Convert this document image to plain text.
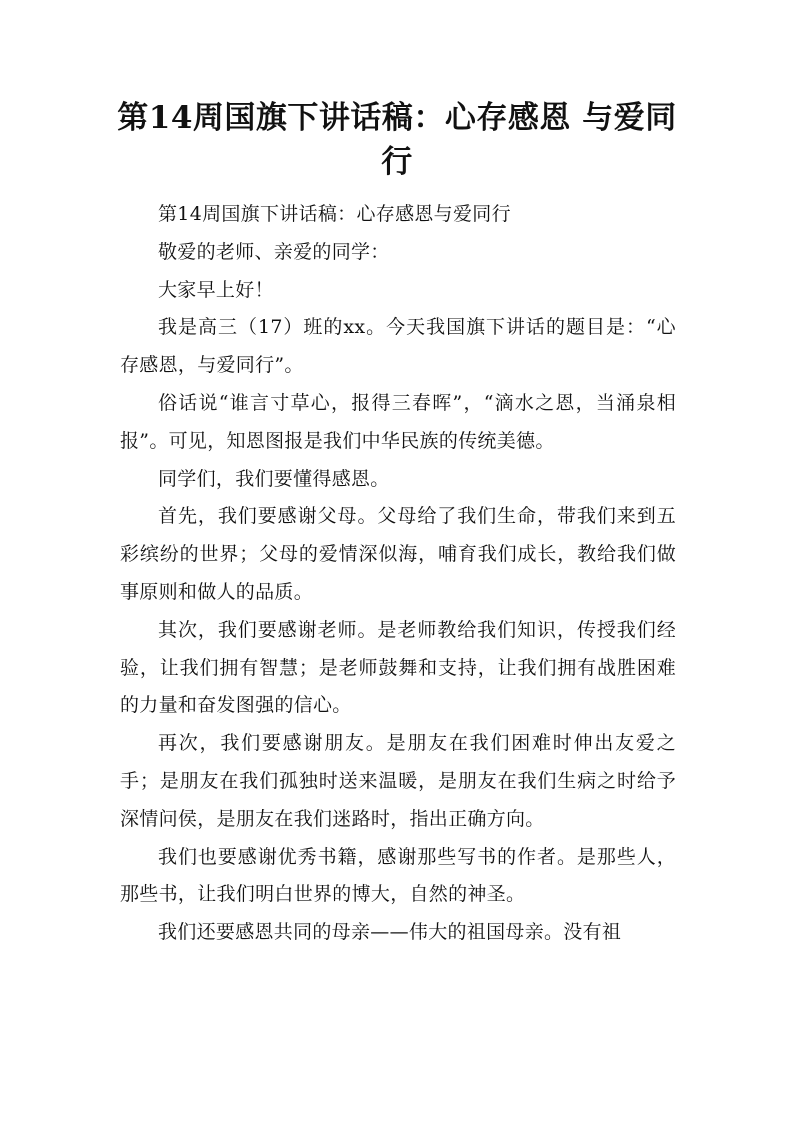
第14周国旗下讲话稿：心存感恩 与爱同行

第14周国旗下讲话稿：心存感恩与爱同行

敬爱的老师、亲爱的同学：

大家早上好！

我是高三（17）班的xx。今天我国旗下讲话的题目是：“心存感恩，与爱同行”。

俗话说“谁言寸草心，报得三春晖”，“滴水之恩，当涌泉相报”。可见，知恩图报是我们中华民族的传统美德。

同学们，我们要懂得感恩。

首先，我们要感谢父母。父母给了我们生命，带我们来到五彩缤纷的世界；父母的爱情深似海，哺育我们成长，教给我们做事原则和做人的品质。

其次，我们要感谢老师。是老师教给我们知识，传授我们经验，让我们拥有智慧；是老师鼓舞和支持，让我们拥有战胜困难的力量和奋发图强的信心。

再次，我们要感谢朋友。是朋友在我们困难时伸出友爱之手；是朋友在我们孤独时送来温暖，是朋友在我们生病之时给予深情问侯，是朋友在我们迷路时，指出正确方向。

我们也要感谢优秀书籍，感谢那些写书的作者。是那些人，那些书，让我们明白世界的博大，自然的神圣。

我们还要感恩共同的母亲——伟大的祖国母亲。没有祖
